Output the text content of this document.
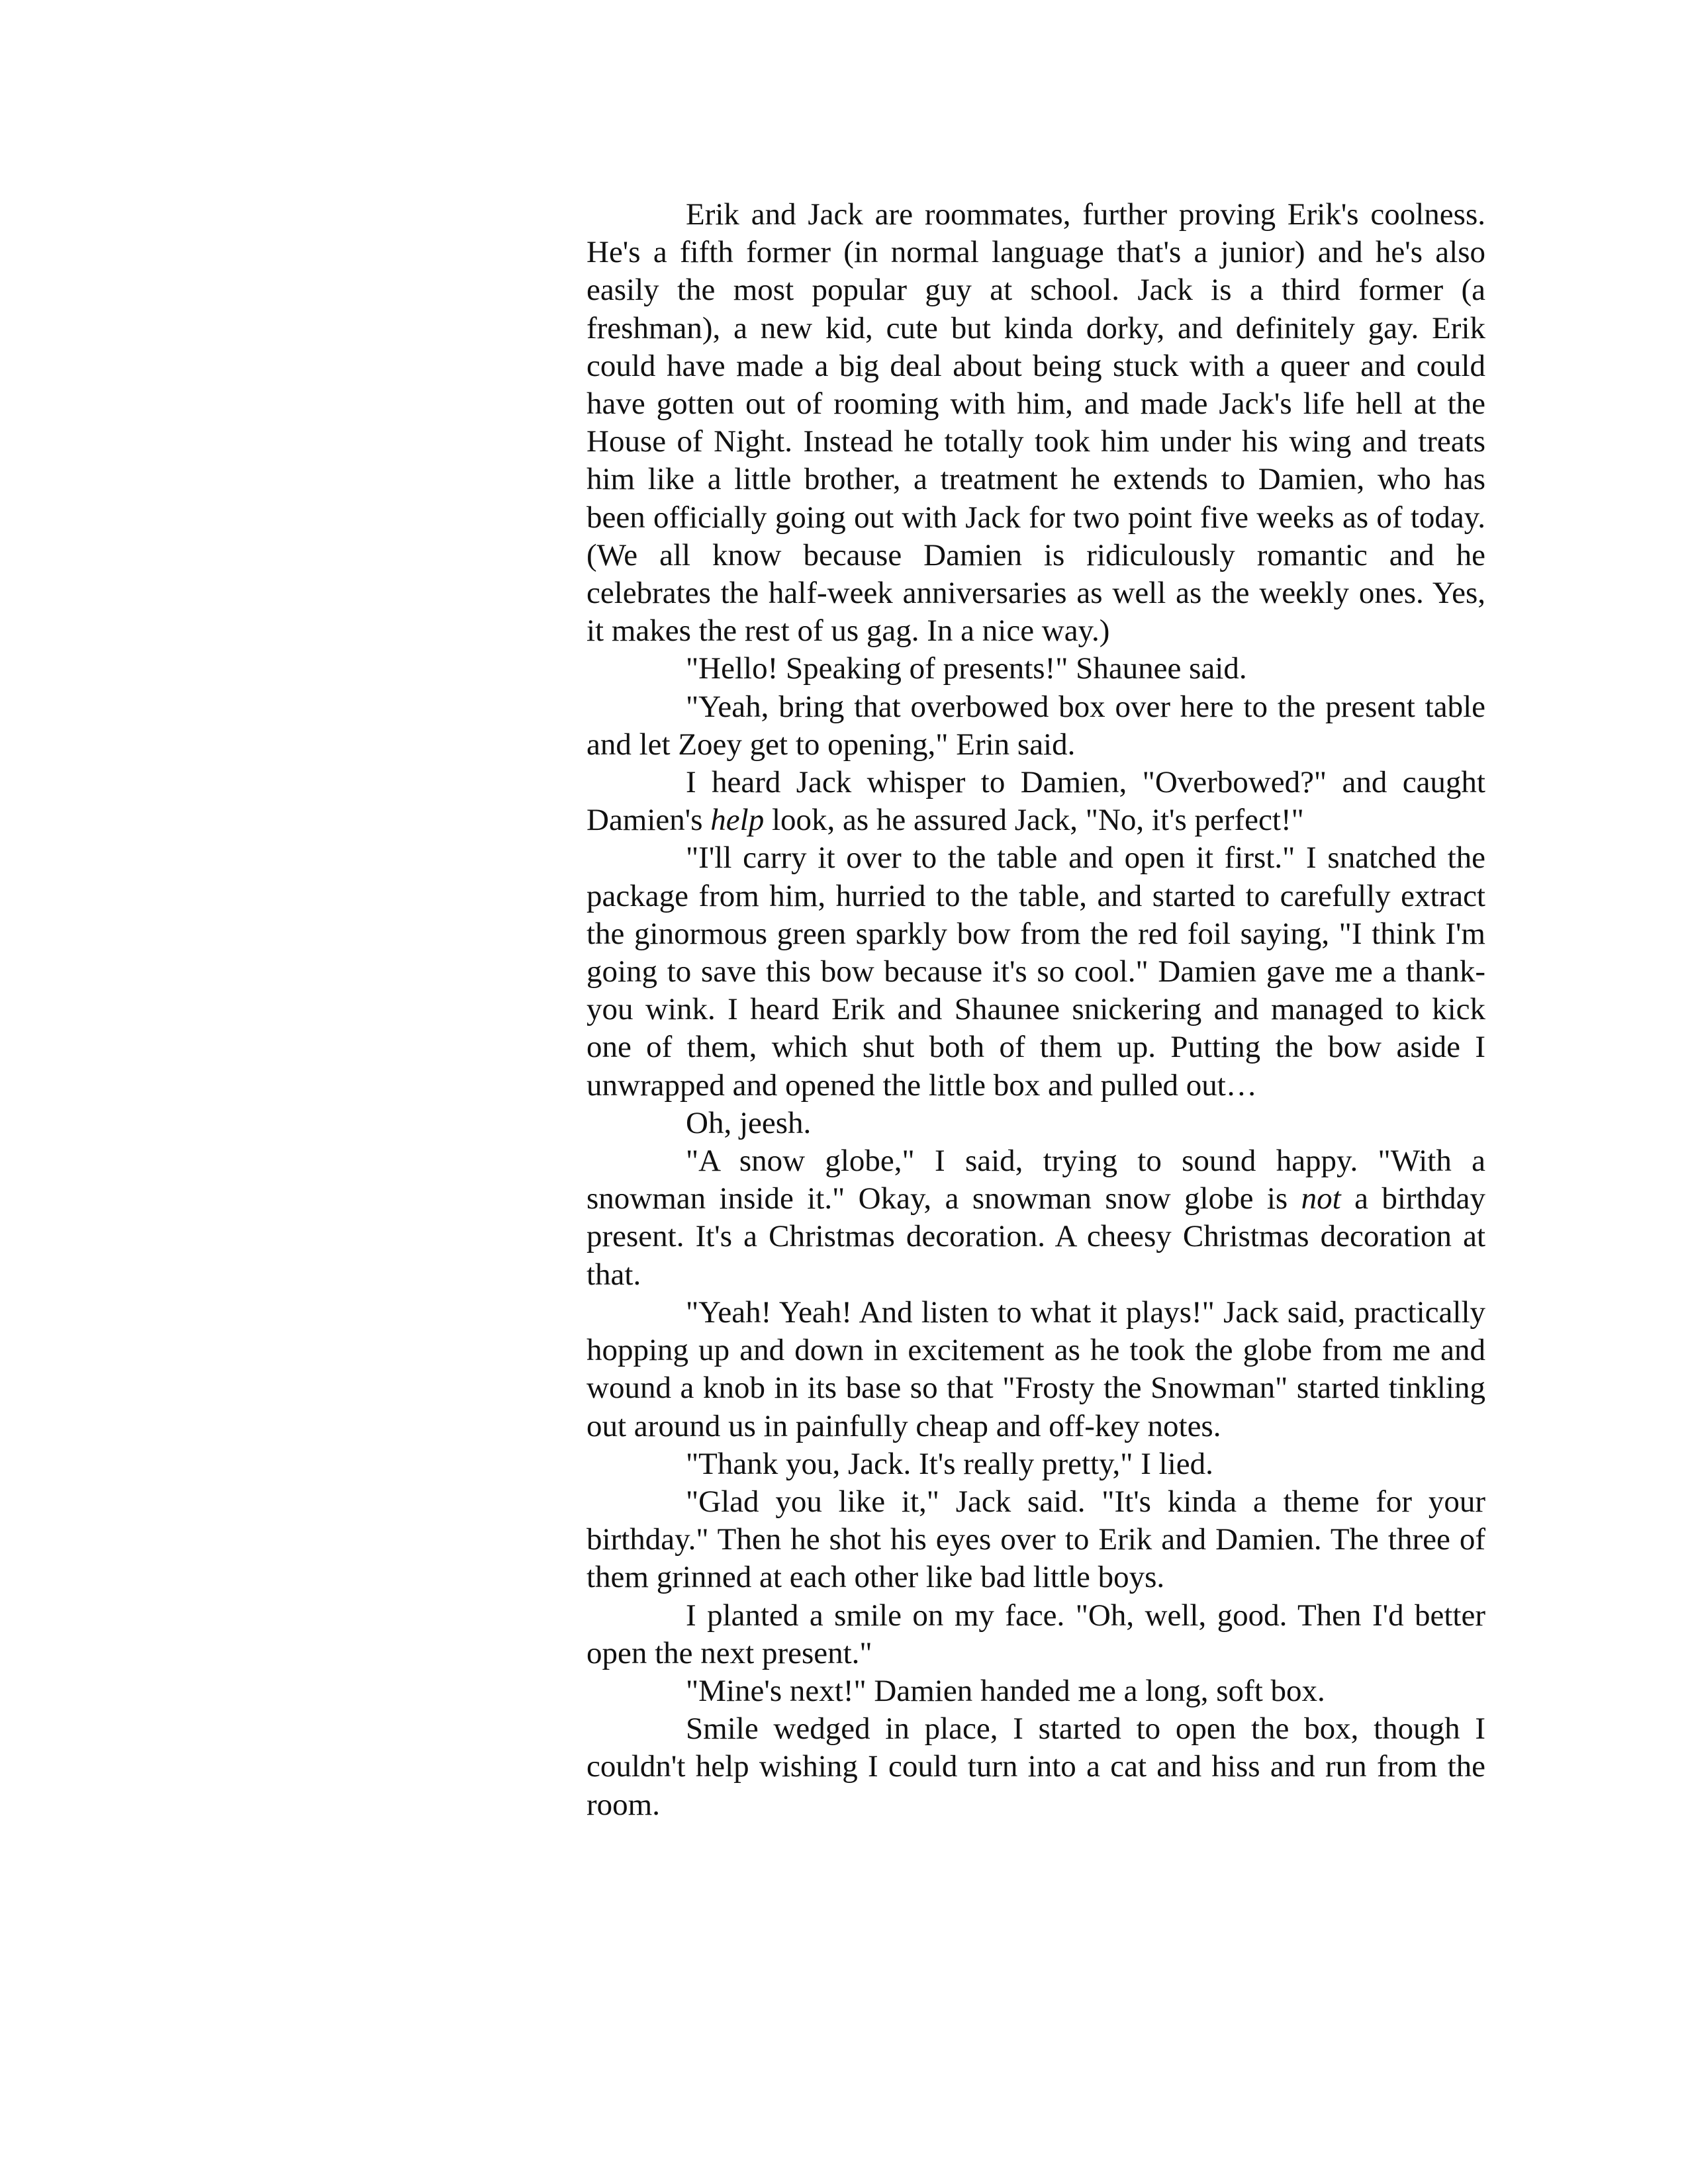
Erik and Jack are roommates, further proving Erik's coolness. He's a fifth former (in normal language that's a junior) and he's also easily the most popular guy at school. Jack is a third former (a freshman), a new kid, cute but kinda dorky, and definitely gay. Erik could have made a big deal about being stuck with a queer and could have gotten out of rooming with him, and made Jack's life hell at the House of Night. Instead he totally took him under his wing and treats him like a little brother, a treatment he extends to Damien, who has been officially going out with Jack for two point five weeks as of today. (We all know because Damien is ridiculously romantic and he celebrates the half-week anniversaries as well as the weekly ones. Yes, it makes the rest of us gag. In a nice way.)

"Hello! Speaking of presents!" Shaunee said.

"Yeah, bring that overbowed box over here to the present table and let Zoey get to opening," Erin said.

I heard Jack whisper to Damien, "Overbowed?" and caught Damien's help look, as he assured Jack, "No, it's perfect!"

"I'll carry it over to the table and open it first." I snatched the package from him, hurried to the table, and started to carefully extract the ginormous green sparkly bow from the red foil saying, "I think I'm going to save this bow because it's so cool." Damien gave me a thank-you wink. I heard Erik and Shaunee snickering and managed to kick one of them, which shut both of them up. Putting the bow aside I unwrapped and opened the little box and pulled out…

Oh, jeesh.

"A snow globe," I said, trying to sound happy. "With a snowman inside it." Okay, a snowman snow globe is not a birthday present. It's a Christmas decoration. A cheesy Christmas decoration at that.

"Yeah! Yeah! And listen to what it plays!" Jack said, practically hopping up and down in excitement as he took the globe from me and wound a knob in its base so that "Frosty the Snowman" started tinkling out around us in painfully cheap and off-key notes.

"Thank you, Jack. It's really pretty," I lied.

"Glad you like it," Jack said. "It's kinda a theme for your birthday." Then he shot his eyes over to Erik and Damien. The three of them grinned at each other like bad little boys.

I planted a smile on my face. "Oh, well, good. Then I'd better open the next present."

"Mine's next!" Damien handed me a long, soft box.

Smile wedged in place, I started to open the box, though I couldn't help wishing I could turn into a cat and hiss and run from the room.
